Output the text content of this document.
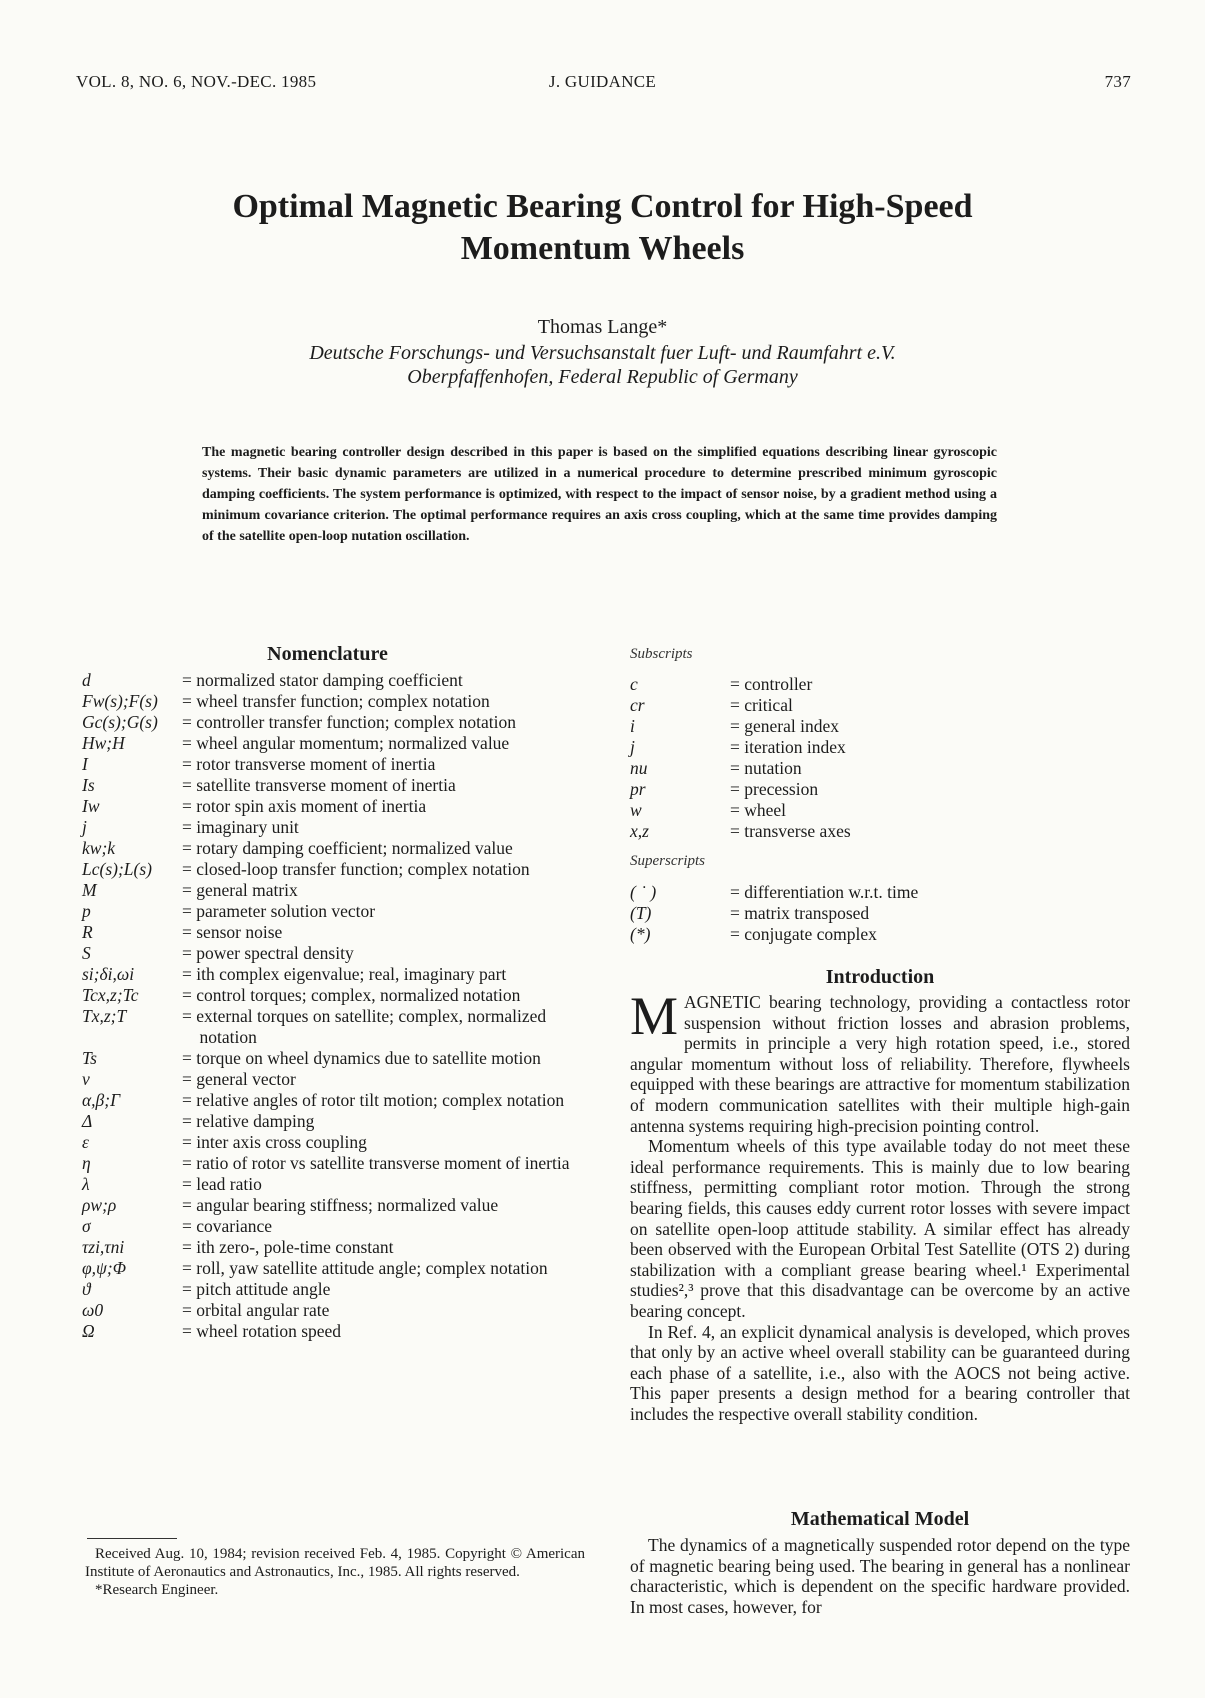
VOL. 8, NO. 6, NOV.-DEC. 1985	J. GUIDANCE	737
Optimal Magnetic Bearing Control for High-Speed
Momentum Wheels
Thomas Lange*
Deutsche Forschungs- und Versuchsanstalt fuer Luft- und Raumfahrt e.V.
Oberpfaffenhofen, Federal Republic of Germany
The magnetic bearing controller design described in this paper is based on the simplified equations describing linear gyroscopic systems. Their basic dynamic parameters are utilized in a numerical procedure to determine prescribed minimum gyroscopic damping coefficients. The system performance is optimized, with respect to the impact of sensor noise, by a gradient method using a minimum covariance criterion. The optimal performance requires an axis cross coupling, which at the same time provides damping of the satellite open-loop nutation oscillation.
Nomenclature
d	= normalized stator damping coefficient
Fw(s);F(s)	= wheel transfer function; complex notation
Gc(s);G(s)	= controller transfer function; complex notation
Hw;H	= wheel angular momentum; normalized value
I	= rotor transverse moment of inertia
Is	= satellite transverse moment of inertia
Iw	= rotor spin axis moment of inertia
j	= imaginary unit
kw;k	= rotary damping coefficient; normalized value
Lc(s);L(s)	= closed-loop transfer function; complex notation
M	= general matrix
p	= parameter solution vector
R	= sensor noise
S	= power spectral density
si;δi,ωi	= ith complex eigenvalue; real, imaginary part
Tcx,z;Tc	= control torques; complex, normalized notation
Tx,z;T	= external torques on satellite; complex, normalized notation
Ts	= torque on wheel dynamics due to satellite motion
v	= general vector
α,β;Γ	= relative angles of rotor tilt motion; complex notation
Δ	= relative damping
ε	= inter axis cross coupling
η	= ratio of rotor vs satellite transverse moment of inertia
λ	= lead ratio
ρw;ρ	= angular bearing stiffness; normalized value
σ	= covariance
τzi,τni	= ith zero-, pole-time constant
φ,ψ;Φ	= roll, yaw satellite attitude angle; complex notation
ϑ	= pitch attitude angle
ω0	= orbital angular rate
Ω	= wheel rotation speed
Subscripts
c	= controller
cr	= critical
i	= general index
j	= iteration index
nu	= nutation
pr	= precession
w	= wheel
x,z	= transverse axes
Superscripts
( ˙ )	= differentiation w.r.t. time
(T)	= matrix transposed
(*)	= conjugate complex
Introduction

MAGNETIC bearing technology, providing a contactless rotor suspension without friction losses and abrasion problems, permits in principle a very high rotation speed, i.e., stored angular momentum without loss of reliability. Therefore, flywheels equipped with these bearings are attractive for momentum stabilization of modern communication satellites with their multiple high-gain antenna systems requiring high-precision pointing control.

Momentum wheels of this type available today do not meet these ideal performance requirements. This is mainly due to low bearing stiffness, permitting compliant rotor motion. Through the strong bearing fields, this causes eddy current rotor losses with severe impact on satellite open-loop attitude stability. A similar effect has already been observed with the European Orbital Test Satellite (OTS 2) during stabilization with a compliant grease bearing wheel.¹ Experimental studies²,³ prove that this disadvantage can be overcome by an active bearing concept.

In Ref. 4, an explicit dynamical analysis is developed, which proves that only by an active wheel overall stability can be guaranteed during each phase of a satellite, i.e., also with the AOCS not being active. This paper presents a design method for a bearing controller that includes the respective overall stability condition.

Mathematical Model

The dynamics of a magnetically suspended rotor depend on the type of magnetic bearing being used. The bearing in general has a nonlinear characteristic, which is dependent on the specific hardware provided. In most cases, however, for

Received Aug. 10, 1984; revision received Feb. 4, 1985. Copyright © American Institute of Aeronautics and Astronautics, Inc., 1985. All rights reserved.

*Research Engineer.
